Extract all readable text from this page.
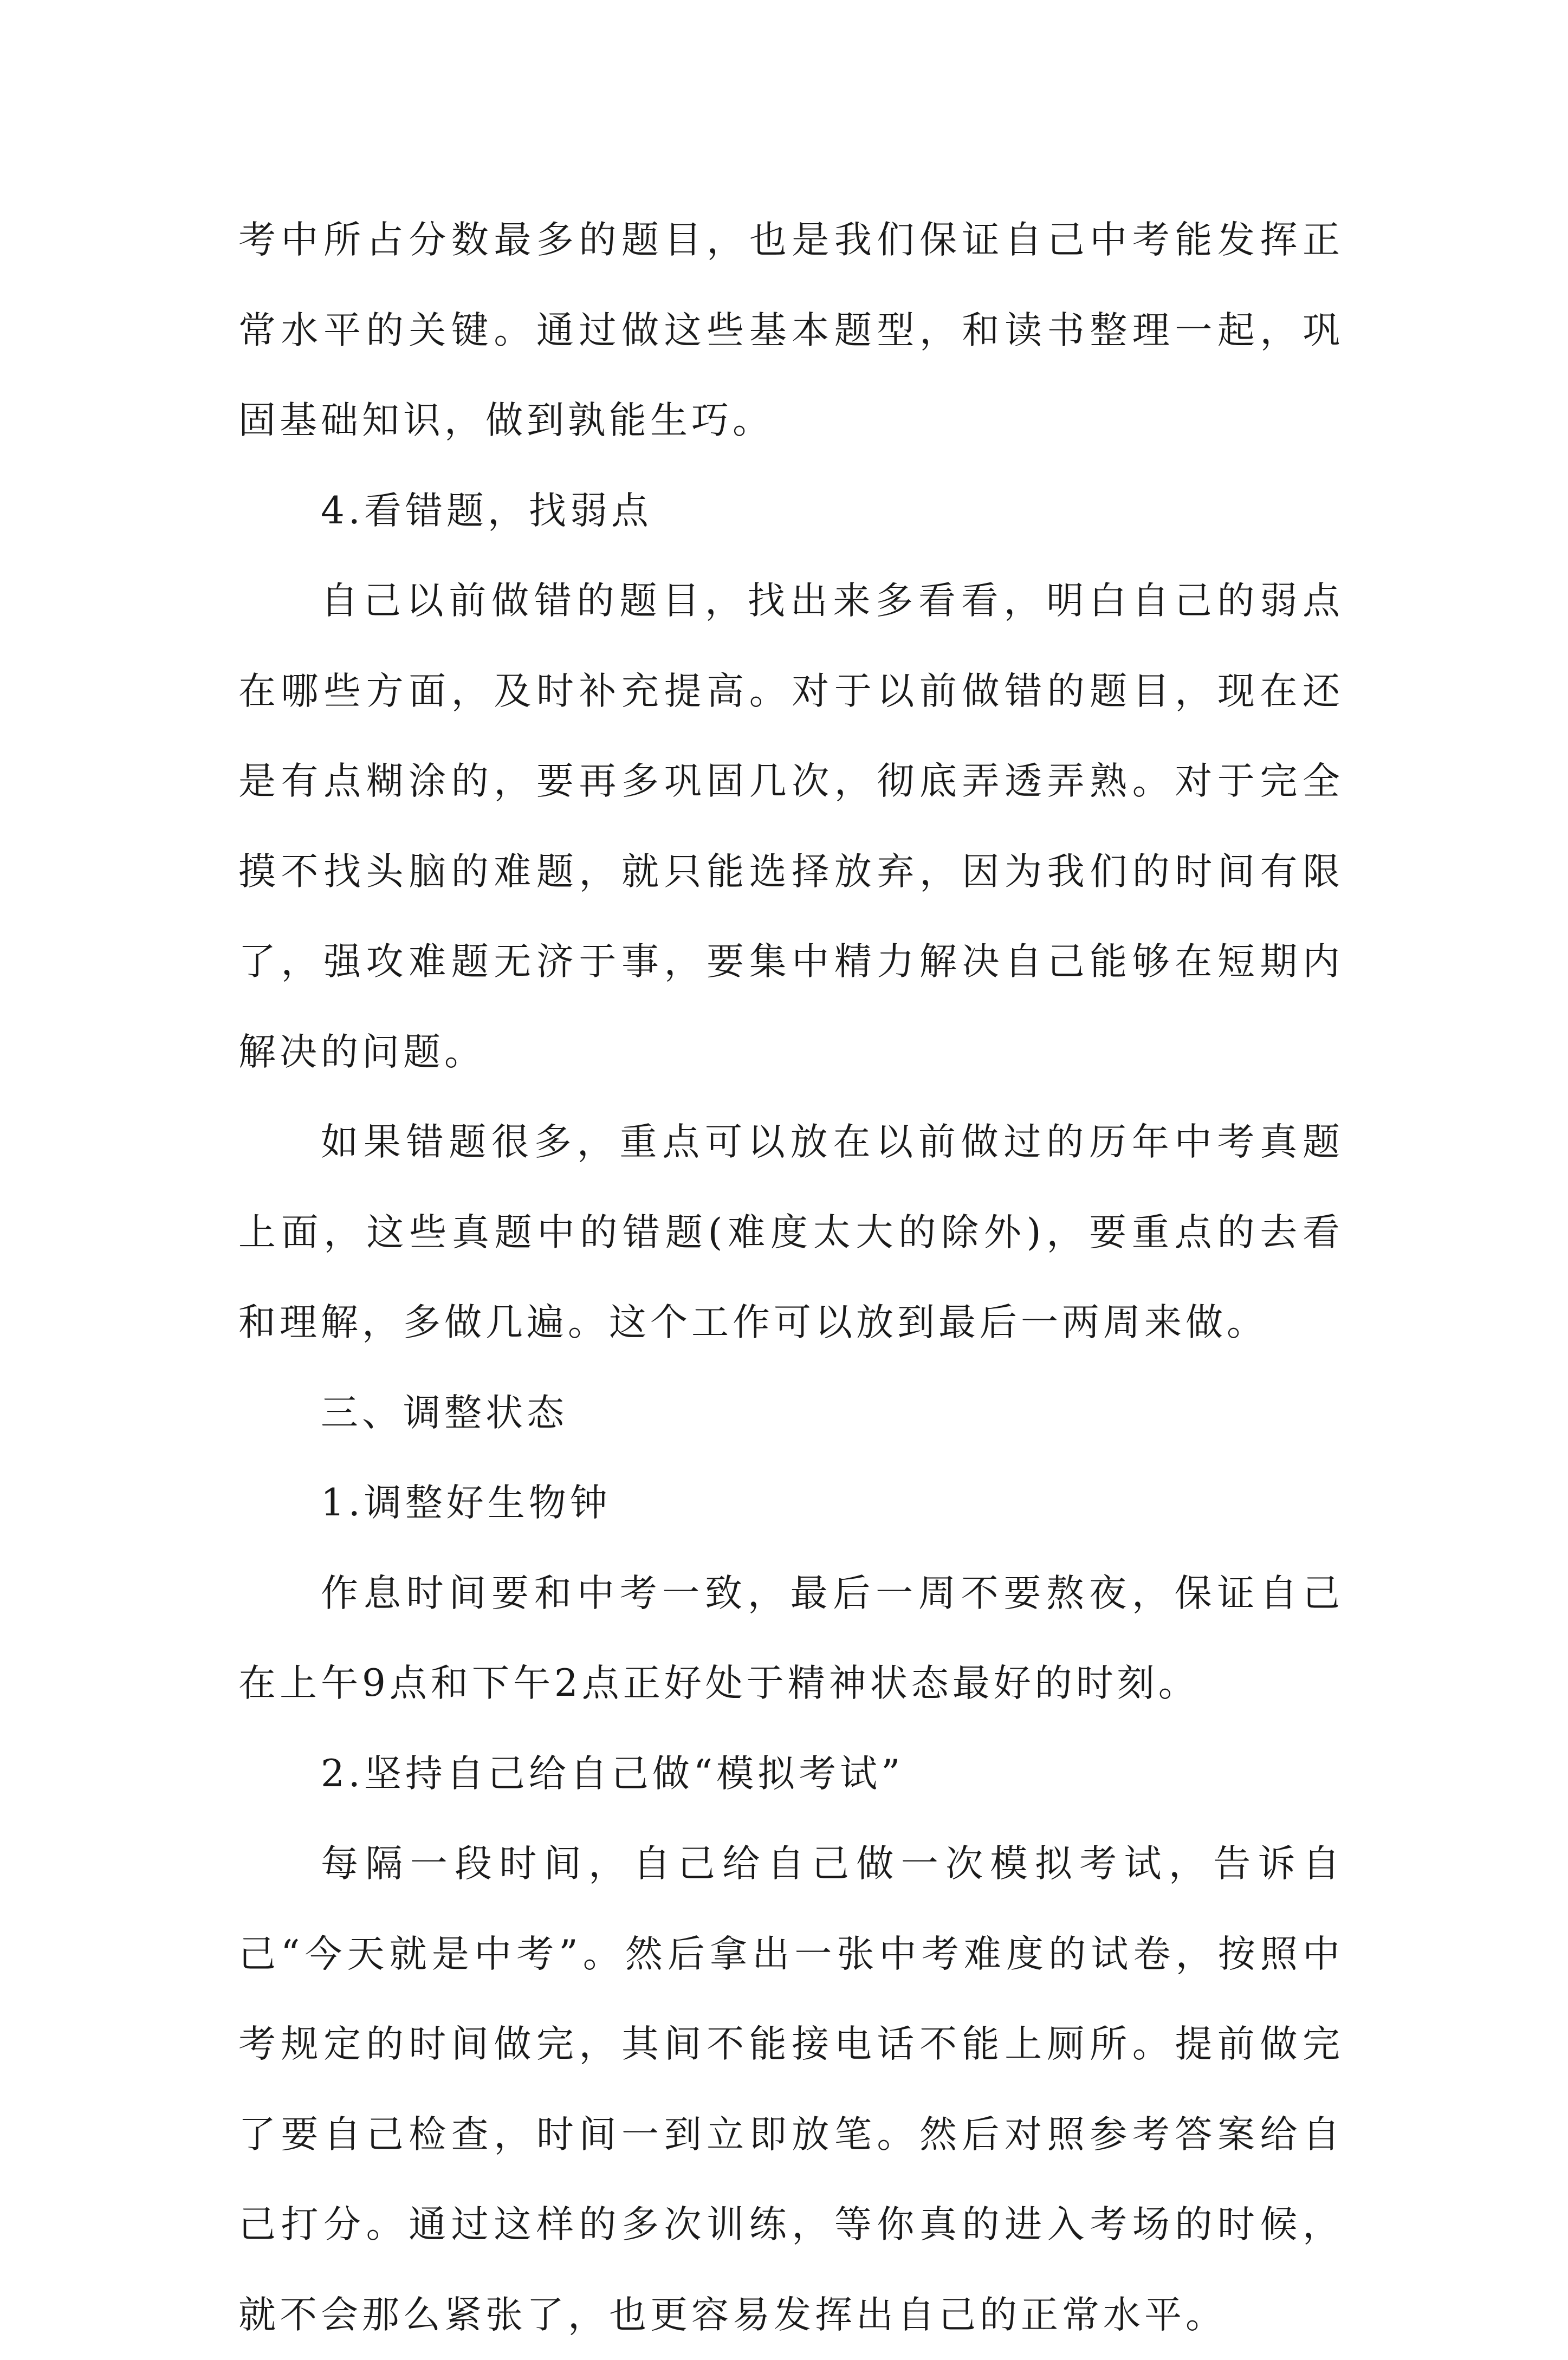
考中所占分数最多的题目，也是我们保证自己中考能发挥正常水平的关键。通过做这些基本题型，和读书整理一起，巩固基础知识，做到孰能生巧。

4.看错题，找弱点

自己以前做错的题目，找出来多看看，明白自己的弱点在哪些方面，及时补充提高。对于以前做错的题目，现在还是有点糊涂的，要再多巩固几次，彻底弄透弄熟。对于完全摸不找头脑的难题，就只能选择放弃，因为我们的时间有限了，强攻难题无济于事，要集中精力解决自己能够在短期内解决的问题。

如果错题很多，重点可以放在以前做过的历年中考真题上面，这些真题中的错题(难度太大的除外)，要重点的去看和理解，多做几遍。这个工作可以放到最后一两周来做。

三、调整状态

1.调整好生物钟

作息时间要和中考一致，最后一周不要熬夜，保证自己在上午9点和下午2点正好处于精神状态最好的时刻。

2.坚持自己给自己做“模拟考试”

每隔一段时间，自己给自己做一次模拟考试，告诉自己“今天就是中考”。然后拿出一张中考难度的试卷，按照中考规定的时间做完，其间不能接电话不能上厕所。提前做完了要自己检查，时间一到立即放笔。然后对照参考答案给自己打分。通过这样的多次训练，等你真的进入考场的时候，就不会那么紧张了，也更容易发挥出自己的正常水平。
